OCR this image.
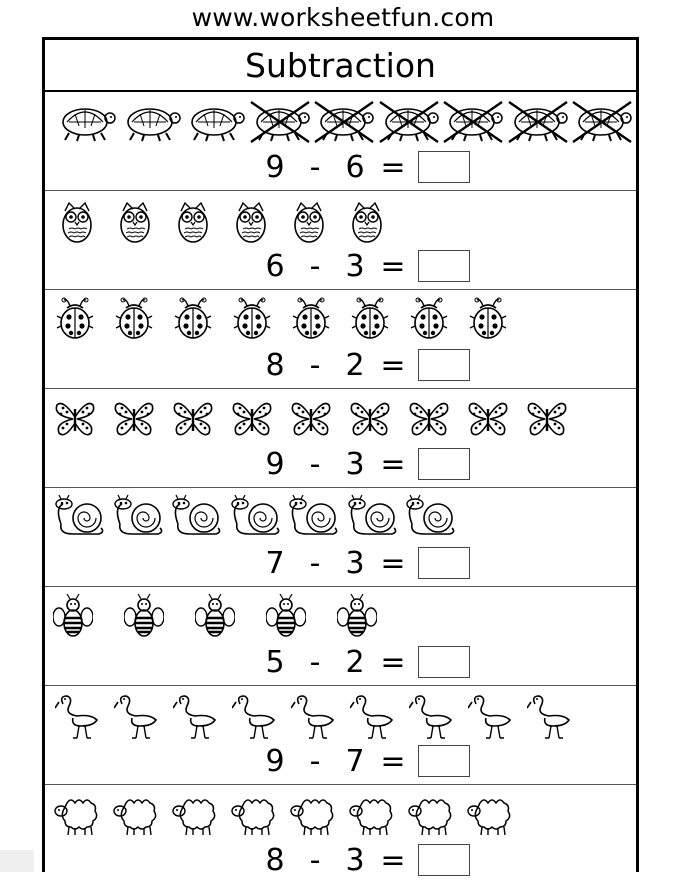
www.worksheetfun.com
Subtraction
9 - 6 =
6 - 3 =
8 - 2 =
9 - 3 =
7 - 3 =
5 - 2 =
9 - 7 =
8 - 3 =
